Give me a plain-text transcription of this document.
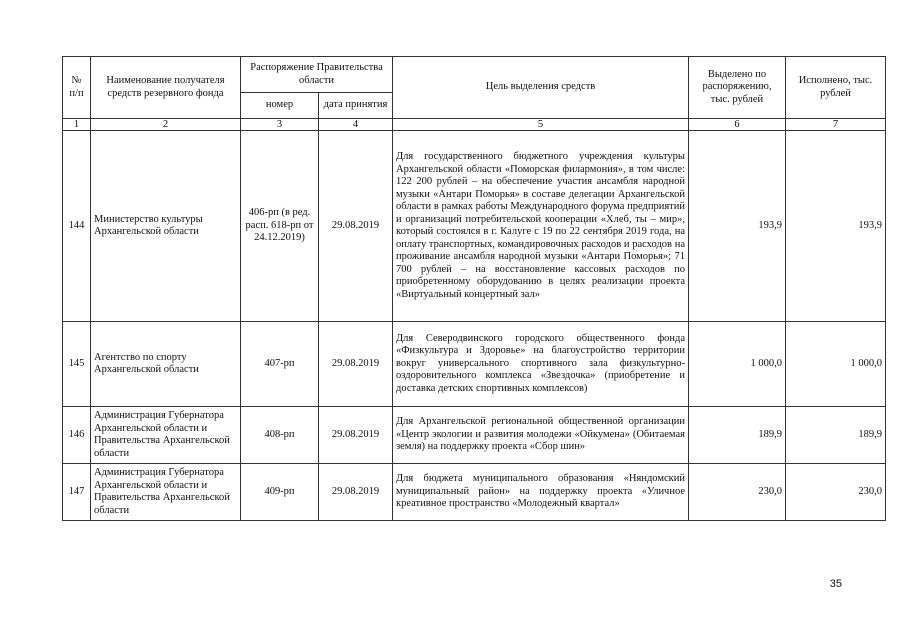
№ п/п	Наименование получателя средств резервного фонда	Распоряжение Правительства области		Цель выделения средств	Выделено по распоряжению, тыс. рублей	Исполнено, тыс. рублей
		номер	дата принятия			
1	2	3	4	5	6	7
144	Министерство культуры Архангельской области	406-рп (в ред. расп. 618-рп от 24.12.2019)	29.08.2019	Для государственного бюджетного учреждения культуры Архангельской области «Поморская филармония», в том числе: 122 200 рублей – на обеспечение участия ансамбля народной музыки «Антари Поморья» в составе делегации Архангельской области в рамках работы Международного форума предприятий и организаций потребительской кооперации «Хлеб, ты – мир», который состоялся в г. Калуге с 19 по 22 сентября 2019 года, на оплату транспортных, командировочных расходов и расходов на проживание ансамбля народной музыки «Антари Поморья»; 71 700 рублей – на восстановление кассовых расходов по приобретенному оборудованию в целях реализации проекта «Виртуальный концертный зал»	193,9	193,9
145	Агентство по спорту Архангельской области	407-рп	29.08.2019	Для Северодвинского городского общественного фонда «Физкультура и Здоровье» на благоустройство территории вокруг универсального спортивного зала физкультурно-оздоровительного комплекса «Звездочка» (приобретение и доставка детских спортивных комплексов)	1 000,0	1 000,0
146	Администрация Губернатора Архангельской области и Правительства Архангельской области	408-рп	29.08.2019	Для Архангельской региональной общественной организации «Центр экологии и развития молодежи «Ойкумена» (Обитаемая земля) на поддержку проекта «Сбор шин»	189,9	189,9
147	Администрация Губернатора Архангельской области и Правительства Архангельской области	409-рп	29.08.2019	Для бюджета муниципального образования «Няндомский муниципальный район» на поддержку проекта «Уличное креативное пространство «Молодежный квартал»	230,0	230,0
35
